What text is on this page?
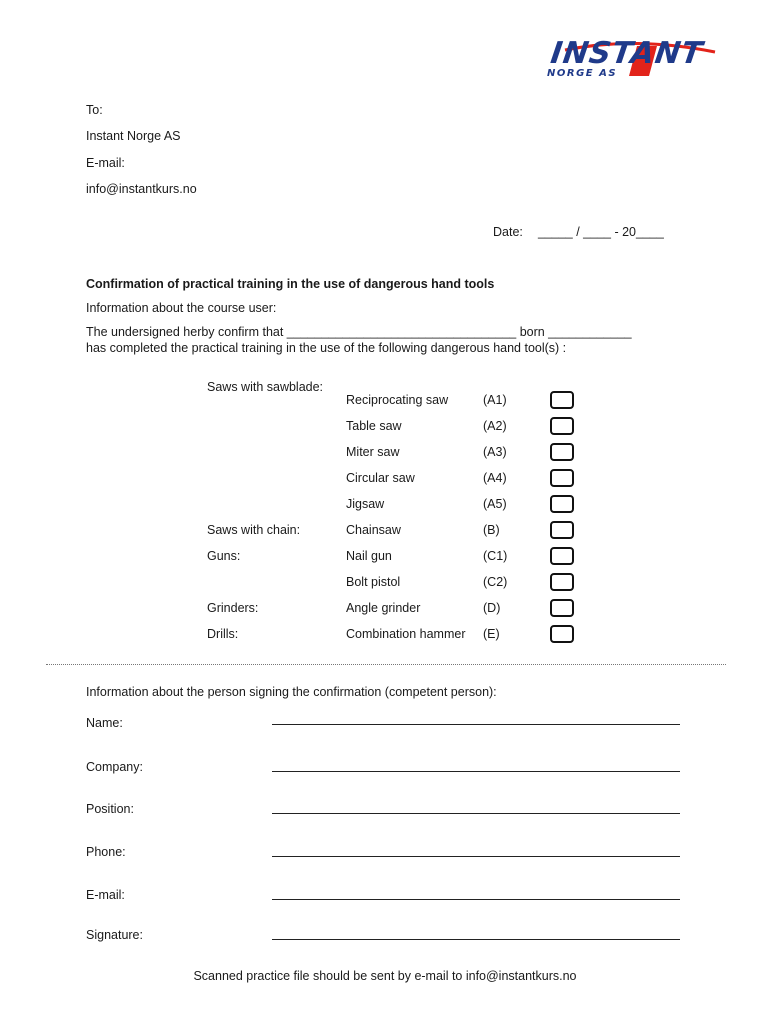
INSTANT
NORGE AS
To:
Instant Norge AS
E-mail:
info@instantkurs.no
Date: _____ / ____ - 20____
Confirmation of practical training in the use of dangerous hand tools
Information about the course user:
The undersigned herby confirm that _________________________________ born ____________
has completed the practical training in the use of the following dangerous hand tool(s) :
Saws with sawblade:
Reciprocating saw	(A1)
Table saw	(A2)
Miter saw	(A3)
Circular saw	(A4)
Jigsaw	(A5)
Saws with chain:	Chainsaw	(B)
Guns:	Nail gun	(C1)
Bolt pistol	(C2)
Grinders:	Angle grinder	(D)
Drills:	Combination hammer (E)
Information about the person signing the confirmation (competent person):
Name:
Company:
Position:
Phone:
E-mail:
Signature:
Scanned practice file should be sent by e-mail to info@instantkurs.no
